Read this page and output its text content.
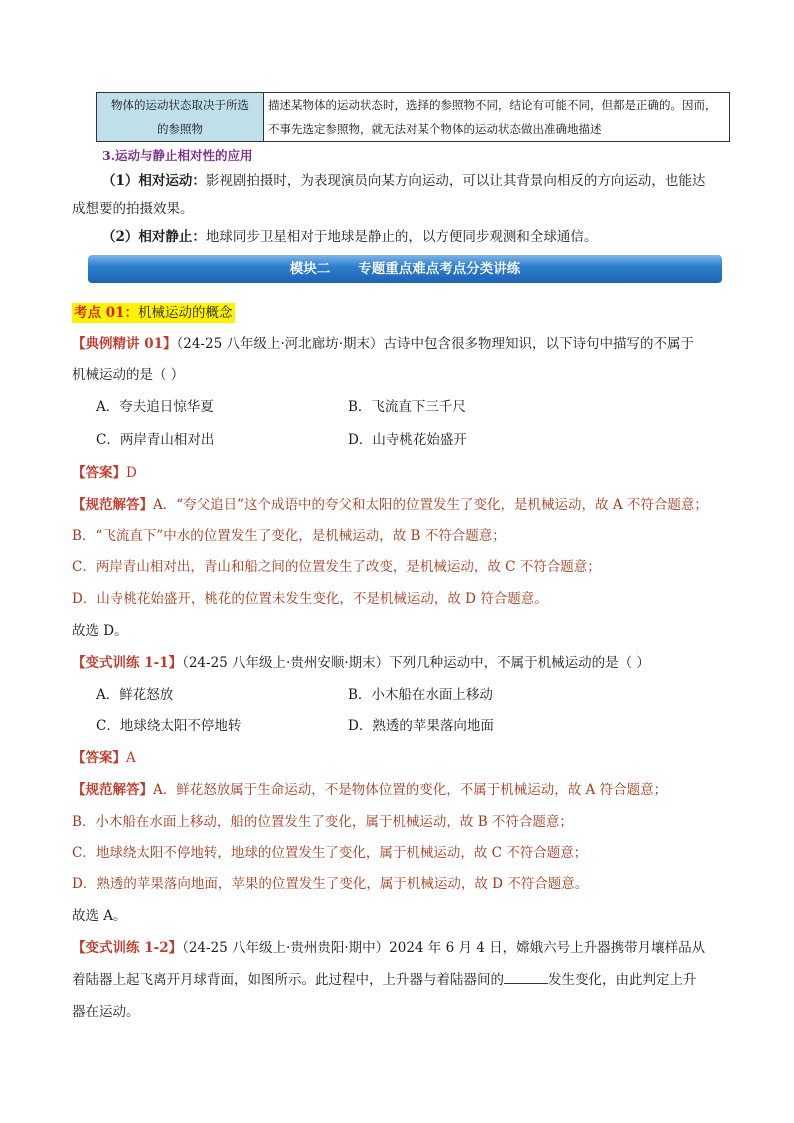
物体的运动状态取决于所选
的参照物

描述某物体的运动状态时，选择的参照物不同，结论有可能不同，但都是正确的。因而，
不事先选定参照物，就无法对某个物体的运动状态做出准确地描述
3.运动与静止相对性的应用
（1）相对运动：影视剧拍摄时，为表现演员向某方向运动，可以让其背景向相反的方向运动，也能达
成想要的拍摄效果。
（2）相对静止：地球同步卫星相对于地球是静止的，以方便同步观测和全球通信。
模块二 专题重点难点考点分类讲练
考点 01：机械运动的概念
【典例精讲 01】（24-25 八年级上·河北廊坊·期末）古诗中包含很多物理知识，以下诗句中描写的不属于
机械运动的是（ ）
A．夸夫追日惊华夏	B．飞流直下三千尺
C．两岸青山相对出	D．山寺桃花始盛开
【答案】D
【规范解答】A．“夸父追日”这个成语中的夸父和太阳的位置发生了变化，是机械运动，故 A 不符合题意；
B．“飞流直下”中水的位置发生了变化，是机械运动，故 B 不符合题意；
C．两岸青山相对出，青山和船之间的位置发生了改变，是机械运动，故 C 不符合题意；
D．山寺桃花始盛开，桃花的位置未发生变化，不是机械运动，故 D 符合题意。
故选 D。
【变式训练 1-1】（24-25 八年级上·贵州安顺·期末）下列几种运动中，不属于机械运动的是（ ）
A．鲜花怒放	B．小木船在水面上移动
C．地球绕太阳不停地转	D．熟透的苹果落向地面
【答案】A
【规范解答】A．鲜花怒放属于生命运动，不是物体位置的变化，不属于机械运动，故 A 符合题意；
B．小木船在水面上移动，船的位置发生了变化，属于机械运动，故 B 不符合题意；
C．地球绕太阳不停地转，地球的位置发生了变化，属于机械运动，故 C 不符合题意；
D．熟透的苹果落向地面，苹果的位置发生了变化，属于机械运动，故 D 不符合题意。
故选 A。
【变式训练 1-2】（24-25 八年级上·贵州贵阳·期中）2024 年 6 月 4 日，嫦娥六号上升器携带月壤样品从
着陆器上起飞离开月球背面，如图所示。此过程中，上升器与着陆器间的	发生变化，由此判定上升
器在运动。
